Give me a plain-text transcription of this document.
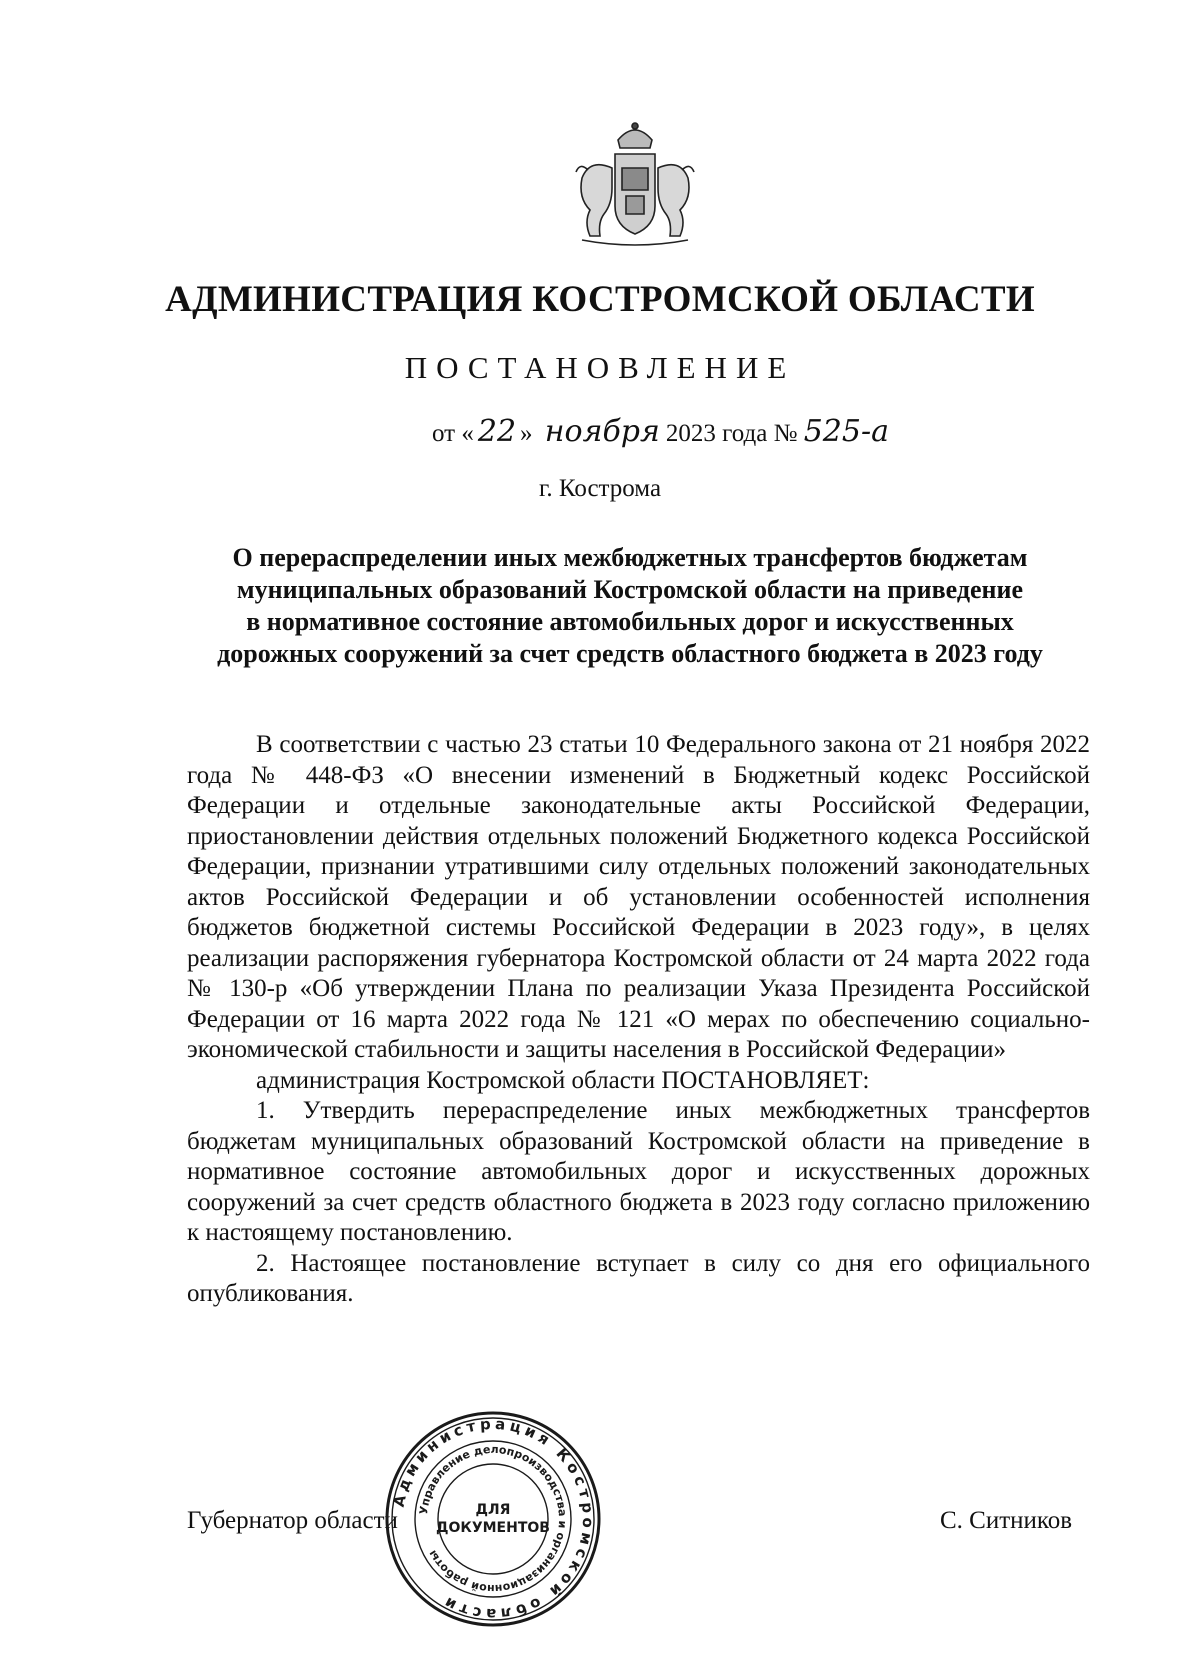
АДМИНИСТРАЦИЯ КОСТРОМСКОЙ ОБЛАСТИ
ПОСТАНОВЛЕНИЕ
от « 22 » ноября 2023 года № 525-а
г. Кострома
О перераспределении иных межбюджетных трансфертов бюджетам
муниципальных образований Костромской области на приведение
в нормативное состояние автомобильных дорог и искусственных
дорожных сооружений за счет средств областного бюджета в 2023 году

В соответствии с частью 23 статьи 10 Федерального закона от 21 ноября 2022 года № 448-ФЗ «О внесении изменений в Бюджетный кодекс Российской Федерации и отдельные законодательные акты Российской Федерации, приостановлении действия отдельных положений Бюджетного кодекса Российской Федерации, признании утратившими силу отдельных положений законодательных актов Российской Федерации и об установлении особенностей исполнения бюджетов бюджетной системы Российской Федерации в 2023 году», в целях реализации распоряжения губернатора Костромской области от 24 марта 2022 года № 130-р «Об утверждении Плана по реализации Указа Президента Российской Федерации от 16 марта 2022 года № 121 «О мерах по обеспечению социально-экономической стабильности и защиты населения в Российской Федерации»

администрация Костромской области ПОСТАНОВЛЯЕТ:

1. Утвердить перераспределение иных межбюджетных трансфертов бюджетам муниципальных образований Костромской области на приведение в нормативное состояние автомобильных дорог и искусственных дорожных сооружений за счет средств областного бюджета в 2023 году согласно приложению к настоящему постановлению.

2. Настоящее постановление вступает в силу со дня его официального опубликования.

Губернатор области	С. Ситников
Администрация Костромской области
Управление делопроизводства и организационной работы
ДЛЯ
ДОКУМЕНТОВ
